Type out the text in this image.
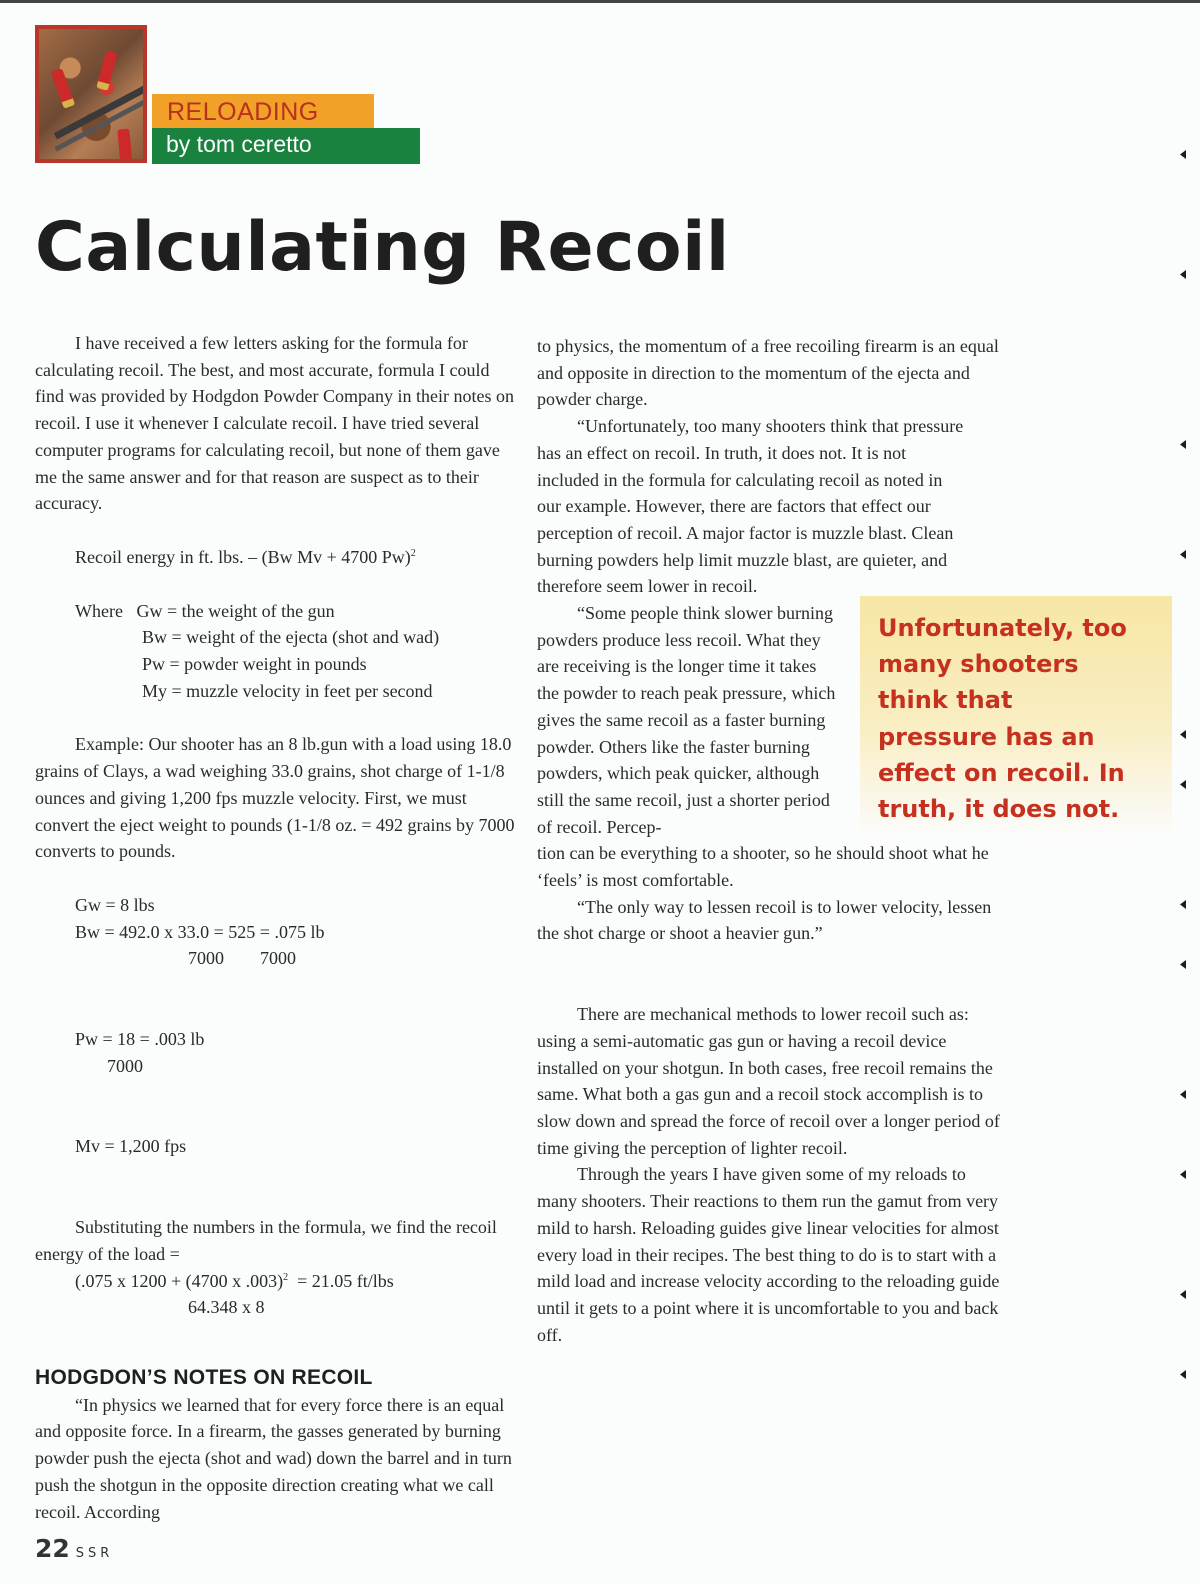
RELOADING
by tom ceretto
Calculating Recoil

I have received a few letters asking for the formula for calculating recoil. The best, and most accurate, formula I could find was provided by Hodgdon Powder Company in their notes on recoil. I use it whenever I calculate recoil. I have tried several computer programs for calculating recoil, but none of them gave me the same answer and for that reason are suspect as to their accuracy.

Recoil energy in ft. lbs. – (Bw Mv + 4700 Pw)$^2$

Where Gw = the weight of the gun
Bw = weight of the ejecta (shot and wad)
Pw = powder weight in pounds
My = muzzle velocity in feet per second

Example: Our shooter has an 8 lb.gun with a load using 18.0 grains of Clays, a wad weighing 33.0 grains, shot charge of 1-1/8 ounces and giving 1,200 fps muzzle velocity. First, we must convert the eject weight to pounds (1-1/8 oz. = 492 grains by 7000 converts to pounds.

Gw = 8 lbs
Bw = 492.0 x 33.0 = 525 = .075 lb
7000        7000
Pw = 18 = .003 lb
7000
Mv = 1,200 fps

Substituting the numbers in the formula, we find the recoil energy of the load =

(.075 x 1200 + (4700 x .003)$^2$  = 21.05 ft/lbs
64.348 x 8
HODGDON’S NOTES ON RECOIL

“In physics we learned that for every force there is an equal and opposite force. In a firearm, the gasses generated by burning powder push the ejecta (shot and wad) down the barrel and in turn push the shotgun in the opposite direction creating what we call recoil. According

to physics, the momentum of a free recoiling firearm is an equal and opposite in direction to the momentum of the ejecta and powder charge.

“Unfortunately, too many shooters think that pressure has an effect on recoil. In truth, it does not. It is not included in the formula for calculating recoil as noted in our example. However, there are factors that effect our perception of recoil. A major factor is muzzle blast. Clean burning powders help limit muzzle blast, are quieter, and therefore seem lower in recoil.

“Some people think slower burning powders produce less recoil. What they are receiving is the longer time it takes the powder to reach peak pressure, which gives the same recoil as a faster burning powder. Others like the faster burning powders, which peak quicker, although still the same recoil, just a shorter period of recoil. Percep-

tion can be everything to a shooter, so he should shoot what he ‘feels’ is most comfortable.

“The only way to lessen recoil is to lower velocity, lessen the shot charge or shoot a heavier gun.”

There are mechanical methods to lower recoil such as: using a semi-automatic gas gun or having a recoil device installed on your shotgun. In both cases, free recoil remains the same. What both a gas gun and a recoil stock accomplish is to slow down and spread the force of recoil over a longer period of time giving the perception of lighter recoil.

Through the years I have given some of my reloads to many shooters. Their reactions to them run the gamut from very mild to harsh. Reloading guides give linear velocities for almost every load in their recipes. The best thing to do is to start with a mild load and increase velocity according to the reloading guide until it gets to a point where it is uncomfortable to you and back off.

Unfortunately, too many shooters think that pressure has an effect on recoil. In truth, it does not.
22 SSR
